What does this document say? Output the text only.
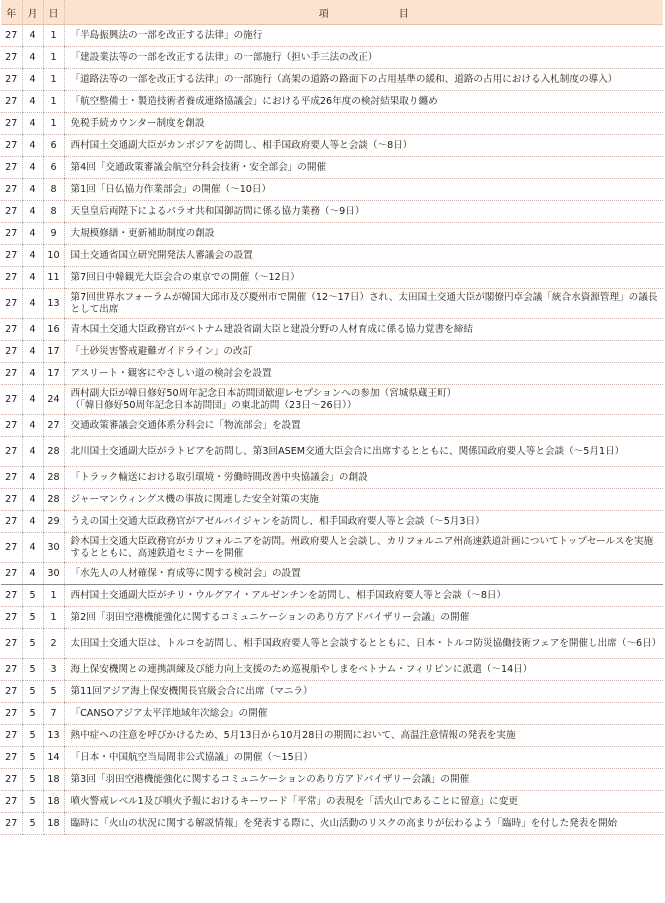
年	月	日	項　　　　　　　目
27	4	1	「半島振興法の一部を改正する法律」の施行
27	4	1	「建設業法等の一部を改正する法律」の一部施行（担い手三法の改正）
27	4	1	「道路法等の一部を改正する法律」の一部施行（高架の道路の路面下の占用基準の緩和、道路の占用における入札制度の導入）
27	4	1	「航空整備士・製造技術者養成連絡協議会」における平成26年度の検討結果取り纏め
27	4	1	免税手続カウンター制度を創設
27	4	6	西村国土交通副大臣がカンボジアを訪問し、相手国政府要人等と会談（〜8日）
27	4	6	第4回「交通政策審議会航空分科会技術・安全部会」の開催
27	4	8	第1回「日仏協力作業部会」の開催（〜10日）
27	4	8	天皇皇后両陛下によるパラオ共和国御訪問に係る協力業務（〜9日）
27	4	9	大規模修繕・更新補助制度の創設
27	4	10	国土交通省国立研究開発法人審議会の設置
27	4	11	第7回日中韓観光大臣会合の東京での開催（〜12日）
27	4	13	第7回世界水フォーラムが韓国大邱市及び慶州市で開催（12〜17日）され、太田国土交通大臣が閣僚円卓会議「統合水資源管理」の議長として出席
27	4	16	青木国土交通大臣政務官がベトナム建設省副大臣と建設分野の人材育成に係る協力覚書を締結
27	4	17	「土砂災害警戒避難ガイドライン」の改訂
27	4	17	アスリート・観客にやさしい道の検討会を設置
27	4	24	西村副大臣が韓日修好50周年記念日本訪問団歓迎レセプションへの参加（宮城県蔵王町）
（「韓日修好50周年記念日本訪問団」の東北訪問（23日〜26日））
27	4	27	交通政策審議会交通体系分科会に「物流部会」を設置
27	4	28	北川国土交通副大臣がラトビアを訪問し、第3回ASEM交通大臣会合に出席するとともに、関係国政府要人等と会談（〜5月1日）
27	4	28	「トラック輸送における取引環境・労働時間改善中央協議会」の創設
27	4	28	ジャーマンウィングス機の事故に関連した安全対策の実施
27	4	29	うえの国土交通大臣政務官がアゼルバイジャンを訪問し、相手国政府要人等と会談（〜5月3日）
27	4	30	鈴木国土交通大臣政務官がカリフォルニアを訪問。州政府要人と会談し、カリフォルニア州高速鉄道計画についてトップセールスを実施するとともに、高速鉄道セミナーを開催
27	4	30	「水先人の人材確保・育成等に関する検討会」の設置
27	5	1	西村国土交通副大臣がチリ・ウルグアイ・アルゼンチンを訪問し、相手国政府要人等と会談（〜8日）
27	5	1	第2回「羽田空港機能強化に関するコミュニケーションのあり方アドバイザリー会議」の開催
27	5	2	太田国土交通大臣は、トルコを訪問し、相手国政府要人等と会談するとともに、日本・トルコ防災協働技術フェアを開催し出席（〜6日）
27	5	3	海上保安機関との連携訓練及び能力向上支援のため巡視船やしまをベトナム・フィリピンに派遣（〜14日）
27	5	5	第11回アジア海上保安機関長官級会合に出席（マニラ）
27	5	7	「CANSOアジア太平洋地域年次総会」の開催
27	5	13	熱中症への注意を呼びかけるため、5月13日から10月28日の期間において、高温注意情報の発表を実施
27	5	14	「日本・中国航空当局間非公式協議」の開催（〜15日）
27	5	18	第3回「羽田空港機能強化に関するコミュニケーションのあり方アドバイザリー会議」の開催
27	5	18	噴火警戒レベル1及び噴火予報におけるキーワード「平常」の表現を「活火山であることに留意」に変更
27	5	18	臨時に「火山の状況に関する解説情報」を発表する際に、火山活動のリスクの高まりが伝わるよう「臨時」を付した発表を開始
